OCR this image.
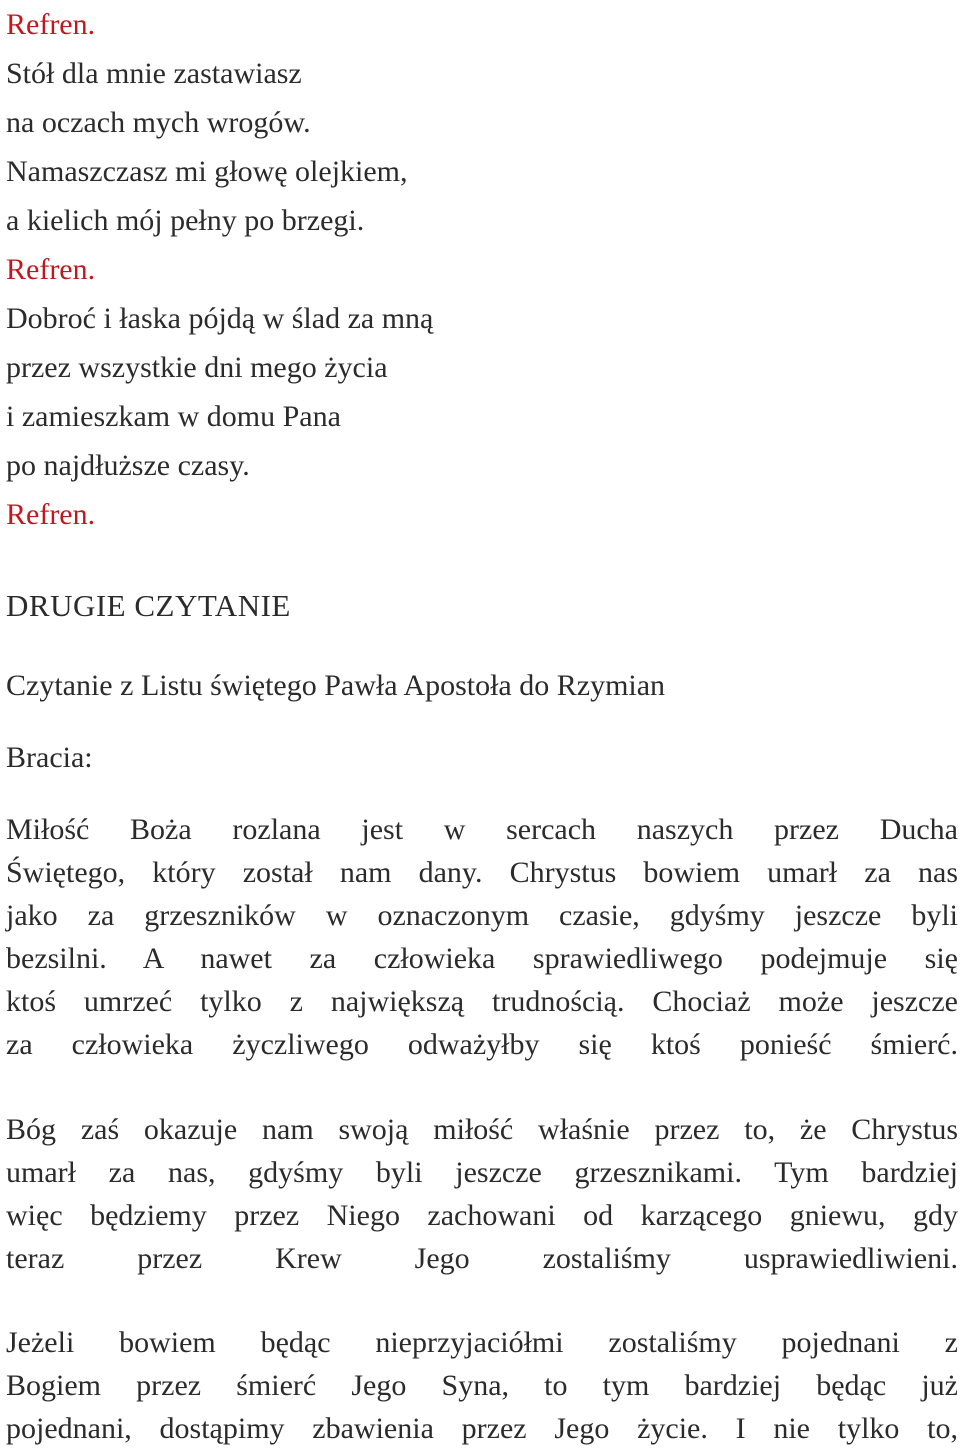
Refren.

Stół dla mnie zastawiasz

na oczach mych wrogów.

Namaszczasz mi głowę olejkiem,

a kielich mój pełny po brzegi.

Refren.

Dobroć i łaska pójdą w ślad za mną

przez wszystkie dni mego życia

i zamieszkam w domu Pana

po najdłuższe czasy.

Refren.

DRUGIE CZYTANIE

Czytanie z Listu świętego Pawła Apostoła do Rzymian

Bracia:

Miłość Boża rozlana jest w sercach naszych przez Ducha
Świętego, który został nam dany. Chrystus bowiem umarł za nas
jako za grzeszników w oznaczonym czasie, gdyśmy jeszcze byli
bezsilni. A nawet za człowieka sprawiedliwego podejmuje się
ktoś umrzeć tylko z największą trudnością. Chociaż może jeszcze
za człowieka życzliwego odważyłby się ktoś ponieść śmierć.
Bóg zaś okazuje nam swoją miłość właśnie przez to, że Chrystus
umarł za nas, gdyśmy byli jeszcze grzesznikami. Tym bardziej
więc będziemy przez Niego zachowani od karzącego gniewu, gdy
teraz przez Krew Jego zostaliśmy usprawiedliwieni.
Jeżeli bowiem będąc nieprzyjaciółmi zostaliśmy pojednani z
Bogiem przez śmierć Jego Syna, to tym bardziej będąc już
pojednani, dostąpimy zbawienia przez Jego życie. I nie tylko to,
